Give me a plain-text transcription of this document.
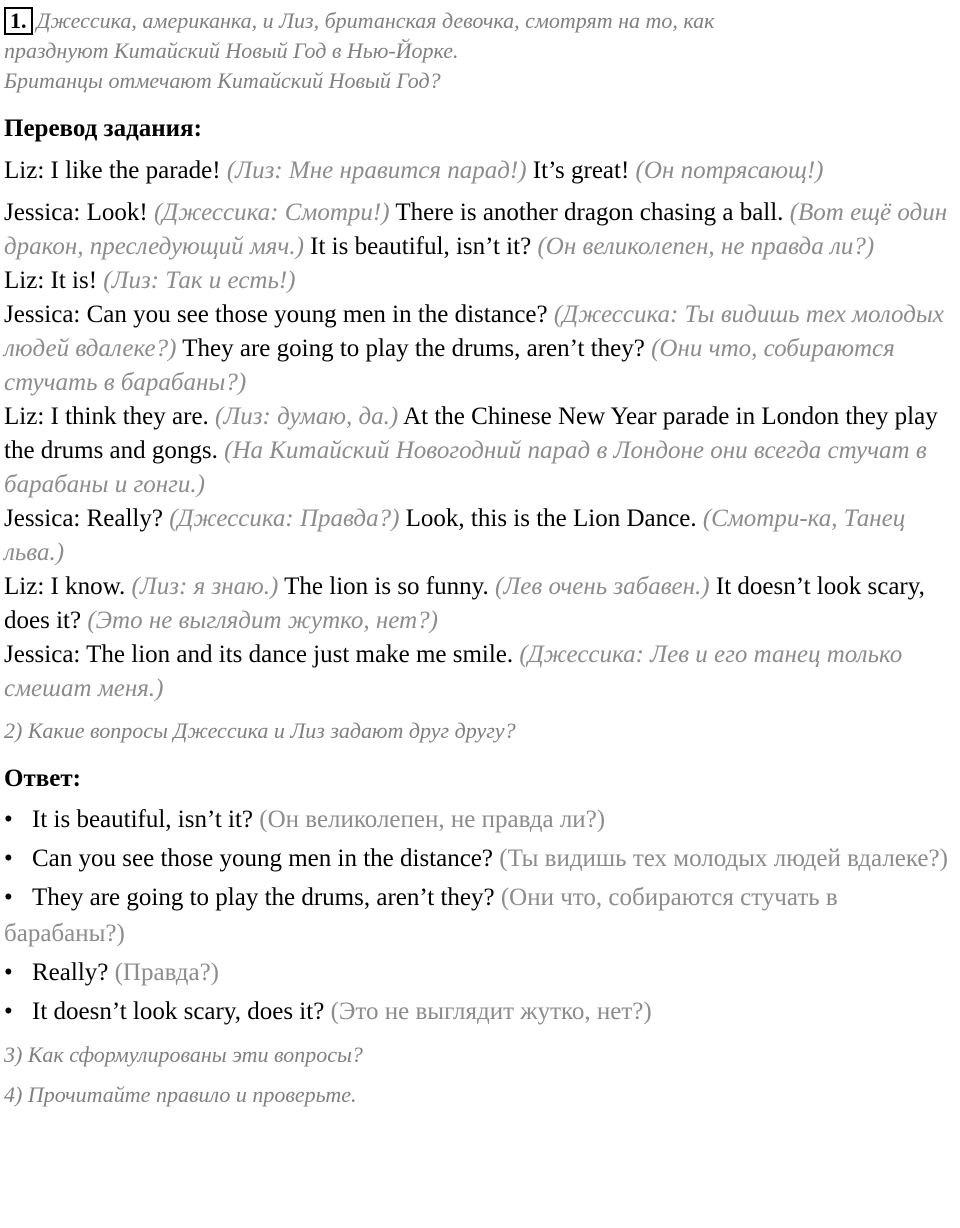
1. Джессика, американка, и Лиз, британская девочка, смотрят на то, как
празднуют Китайский Новый Год в Нью-Йорке.
Британцы отмечают Китайский Новый Год?
Перевод задания:

Liz: I like the parade! (Лиз: Мне нравится парад!) It’s great! (Он потрясающ!)

Jessica: Look! (Джессика: Смотри!) There is another dragon chasing a ball. (Вот ещё один дракон, преследующий мяч.) It is beautiful, isn’t it? (Он великолепен, не правда ли?)

Liz: It is! (Лиз: Так и есть!)

Jessica: Can you see those young men in the distance? (Джессика: Ты видишь тех молодых людей вдалеке?) They are going to play the drums, aren’t they? (Они что, собираются стучать в барабаны?)

Liz: I think they are. (Лиз: думаю, да.) At the Chinese New Year parade in London they play the drums and gongs. (На Китайский Новогодний парад в Лондоне они всегда стучат в барабаны и гонги.)

Jessica: Really? (Джессика: Правда?) Look, this is the Lion Dance. (Смотри-ка, Танец льва.)

Liz: I know. (Лиз: я знаю.) The lion is so funny. (Лев очень забавен.) It doesn’t look scary, does it? (Это не выглядит жутко, нет?)

Jessica: The lion and its dance just make me smile. (Джессика: Лев и его танец только смешат меня.)

2) Какие вопросы Джессика и Лиз задают друг другу?
Ответ:

• It is beautiful, isn’t it? (Он великолепен, не правда ли?)

• Can you see those young men in the distance? (Ты видишь тех молодых людей вдалеке?)

• They are going to play the drums, aren’t they? (Они что, собираются стучать в барабаны?)

• Really? (Правда?)

• It doesn’t look scary, does it? (Это не выглядит жутко, нет?)

3) Как сформулированы эти вопросы?
4) Прочитайте правило и проверьте.
